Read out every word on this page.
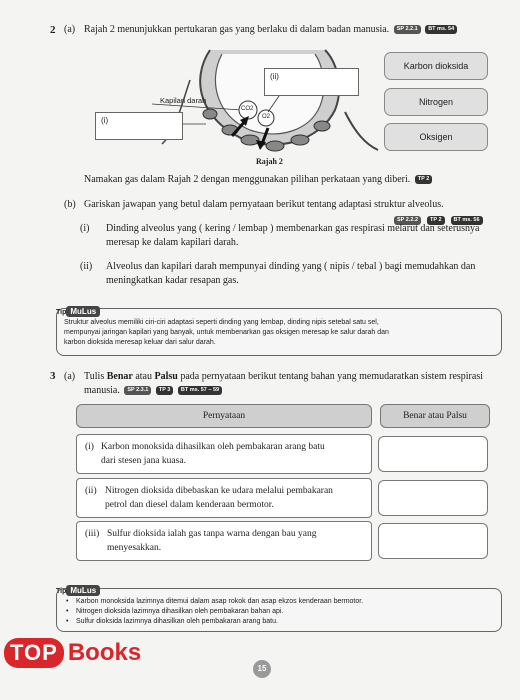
2 (a) Rajah 2 menunjukkan pertukaran gas yang berlaku di dalam badan manusia. SP 2.2.1 BT ms. 54
Kapilari darah
CO2
O2
(ii)
(i)
Rajah 2
Karbon dioksida
Nitrogen
Oksigen
Namakan gas dalam Rajah 2 dengan menggunakan pilihan perkataan yang diberi. TP 2
(b) Gariskan jawapan yang betul dalam pernyataan berikut tentang adaptasi struktur alveolus.
SP 2.2.2 TP 2 BT ms. 56
(i) Dinding alveolus yang ( kering / lembap ) membenarkan gas respirasi melarut dan seterusnya
meresap ke dalam kapilari darah.
(ii) Alveolus dan kapilari darah mempunyai dinding yang ( nipis / tebal ) bagi memudahkan dan
meningkatkan kadar resapan gas.
Tip MuLus
Struktur alveolus memiliki ciri-ciri adaptasi seperti dinding yang lembap, dinding nipis setebal satu sel,
mempunyai jaringan kapilari yang banyak, untuk membenarkan gas oksigen meresap ke salur darah dan
karbon dioksida meresap keluar dari salur darah.
3 (a) Tulis Benar atau Palsu pada pernyataan berikut tentang bahan yang memudaratkan sistem respirasi
manusia. SP 2.3.1 TP 3 BT ms. 57 – 59
Pernyataan	Benar atau Palsu
(i) Karbon monoksida dihasilkan oleh pembakaran arang batu
dari stesen jana kuasa.
(ii) Nitrogen dioksida dibebaskan ke udara melalui pembakaran
petrol dan diesel dalam kenderaan bermotor.
(iii) Sulfur dioksida ialah gas tanpa warna dengan bau yang
menyesakkan.
Tip MuLus
• Karbon monoksida lazimnya ditemui dalam asap rokok dan asap ekzos kenderaan bermotor.
• Nitrogen dioksida lazimnya dihasilkan oleh pembakaran bahan api.
• Sulfur dioksida lazimnya dihasilkan oleh pembakaran arang batu.
TOP Books
15
